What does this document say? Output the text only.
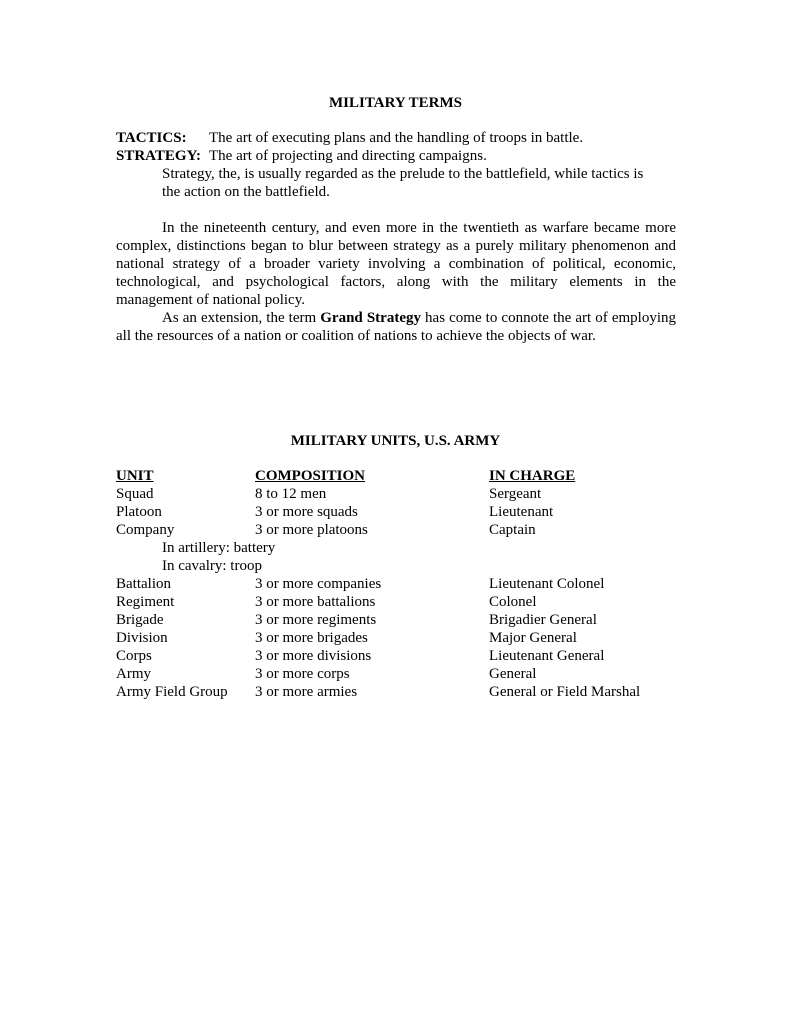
MILITARY TERMS
TACTICS: The art of executing plans and the handling of troops in battle.
STRATEGY: The art of projecting and directing campaigns.
Strategy, the, is usually regarded as the prelude to the battlefield, while tactics is
the action on the battlefield.
In the nineteenth century, and even more in the twentieth as warfare became more complex, distinctions began to blur between strategy as a purely military phenomenon and national strategy of a broader variety involving a combination of political, economic, technological, and psychological factors, along with the military elements in the management of national policy.
As an extension, the term Grand Strategy has come to connote the art of employing all the resources of a nation or coalition of nations to achieve the objects of war.
MILITARY UNITS, U.S. ARMY
UNIT	COMPOSITION	IN CHARGE
Squad	8 to 12 men	Sergeant
Platoon	3 or more squads	Lieutenant
Company	3 or more platoons	Captain
In artillery: battery
In cavalry: troop
Battalion	3 or more companies	Lieutenant Colonel
Regiment	3 or more battalions	Colonel
Brigade	3 or more regiments	Brigadier General
Division	3 or more brigades	Major General
Corps	3 or more divisions	Lieutenant General
Army	3 or more corps	General
Army Field Group 3 or more armies	General or Field Marshal
